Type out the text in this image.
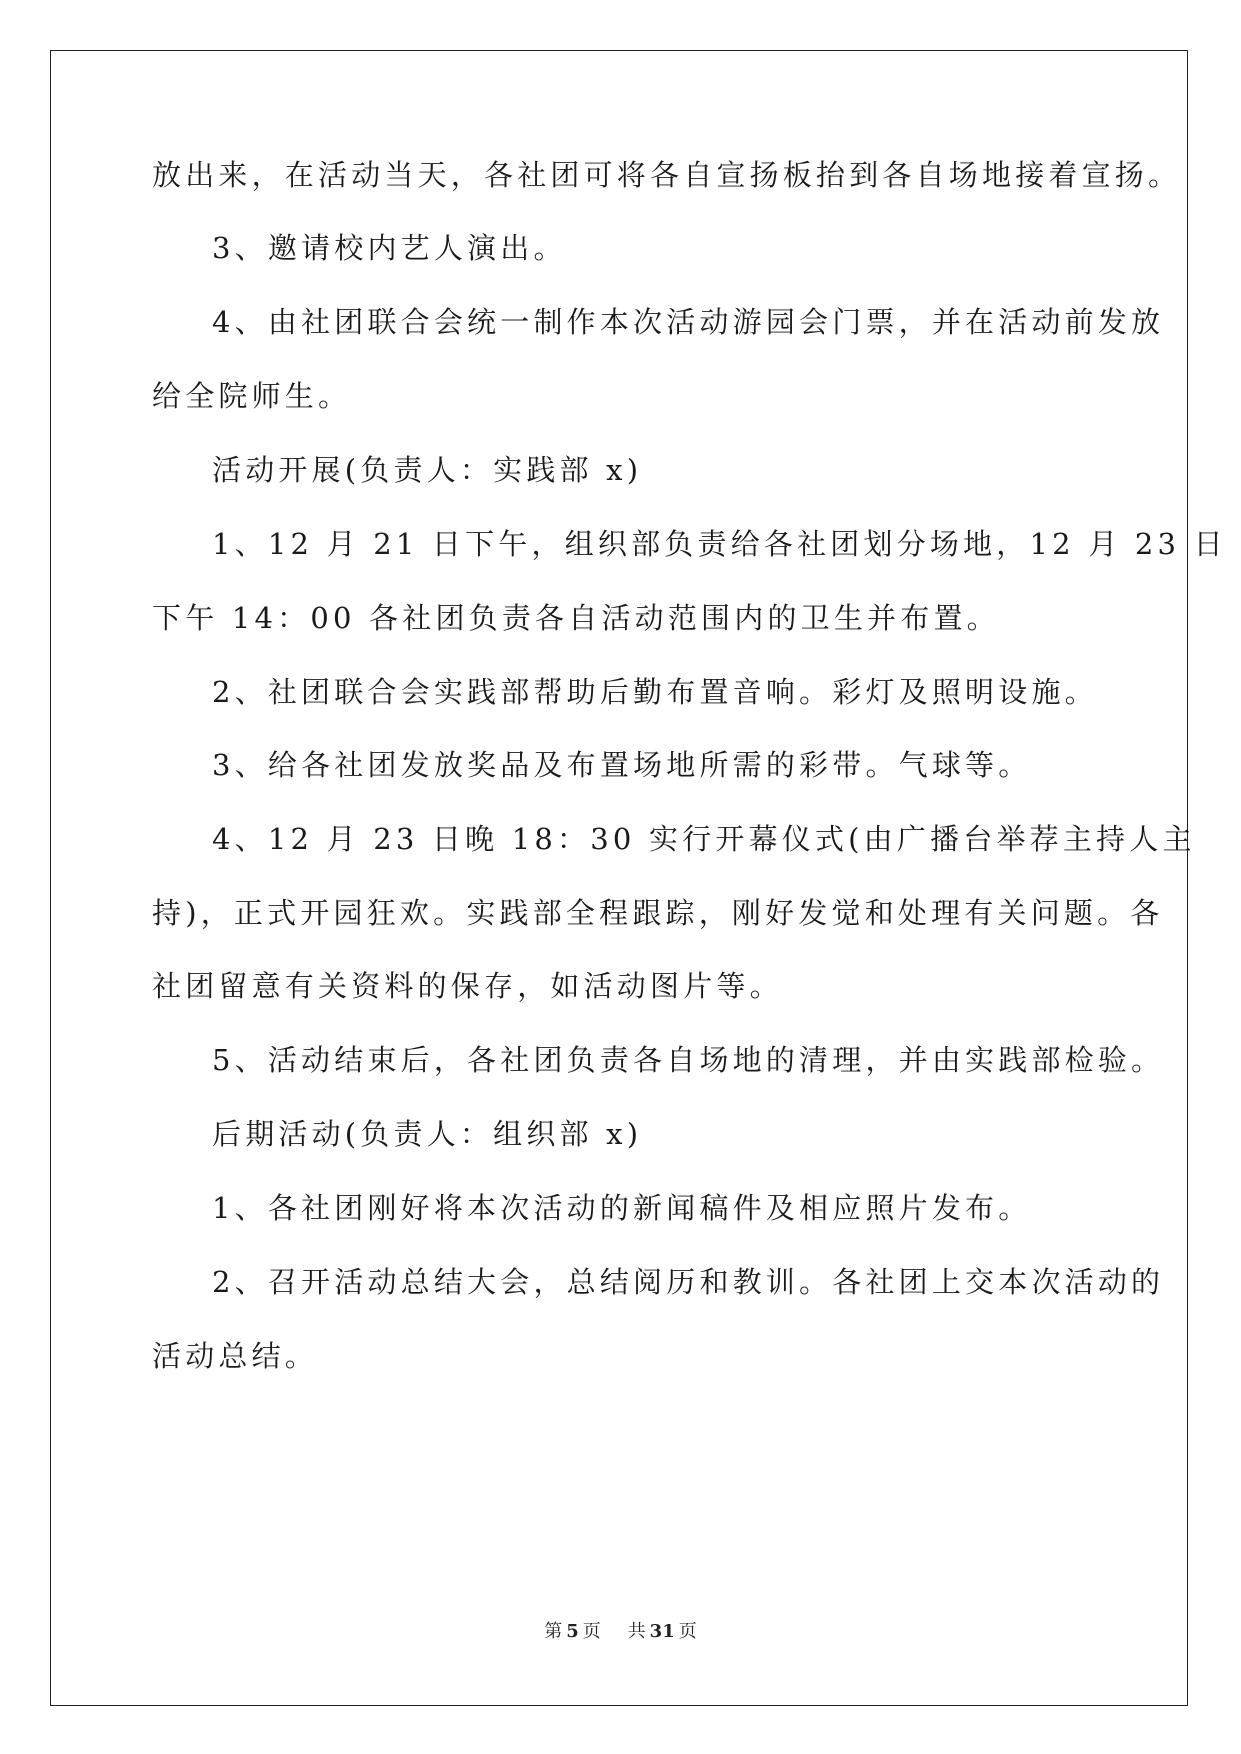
放出来，在活动当天，各社团可将各自宣扬板抬到各自场地接着宣扬。
3、邀请校内艺人演出。
4、由社团联合会统一制作本次活动游园会门票，并在活动前发放
给全院师生。
活动开展(负责人：实践部 x)
1、12 月 21 日下午，组织部负责给各社团划分场地，12 月 23 日
下午 14：00 各社团负责各自活动范围内的卫生并布置。
2、社团联合会实践部帮助后勤布置音响。彩灯及照明设施。
3、给各社团发放奖品及布置场地所需的彩带。气球等。
4、12 月 23 日晚 18：30 实行开幕仪式(由广播台举荐主持人主
持)，正式开园狂欢。实践部全程跟踪，刚好发觉和处理有关问题。各
社团留意有关资料的保存，如活动图片等。
5、活动结束后，各社团负责各自场地的清理，并由实践部检验。
后期活动(负责人：组织部 x)
1、各社团刚好将本次活动的新闻稿件及相应照片发布。
2、召开活动总结大会，总结阅历和教训。各社团上交本次活动的
活动总结。
第 5 页 共 31 页
